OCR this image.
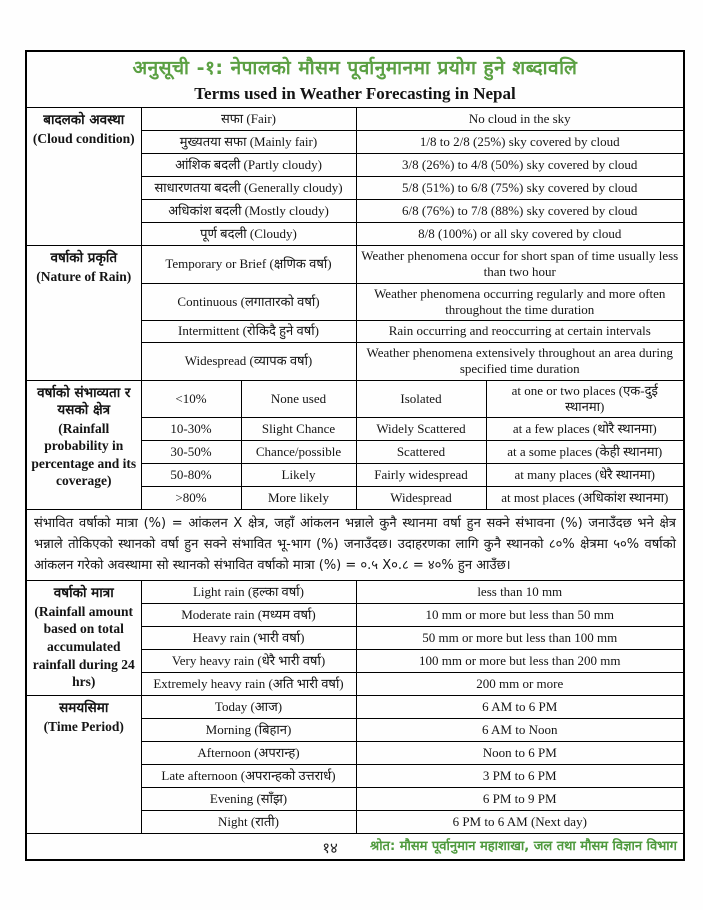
अनुसूची -१: नेपालको मौसम पूर्वानुमानमा प्रयोग हुने शब्दावलि
Terms used in Weather Forecasting in Nepal				

बादलको अवस्था
(Cloud condition)	सफा (Fair)		No cloud in the sky	
	मुख्यतया सफा (Mainly fair)		1/8 to 2/8 (25%) sky covered by cloud	
	आंशिक बदली (Partly cloudy)		3/8 (26%) to 4/8 (50%) sky covered by cloud	
	साधारणतया बदली (Generally cloudy)		5/8 (51%) to 6/8 (75%) sky covered by cloud	
	अधिकांश बदली (Mostly cloudy)		6/8 (76%) to 7/8 (88%) sky covered by cloud	
	पूर्ण बदली (Cloudy)		8/8 (100%) or all sky covered by cloud	

वर्षाको प्रकृति
(Nature of Rain)	Temporary or Brief (क्षणिक वर्षा)		Weather phenomena occur for short span of time usually less than two hour	
	Continuous (लगातारको वर्षा)		Weather phenomena occurring regularly and more often throughout the time duration	
	Intermittent (रोकिदै हुने वर्षा)		Rain occurring and reoccurring at certain intervals	
	Widespread (व्यापक वर्षा)		Weather phenomena extensively throughout an area during specified time duration	

वर्षाको संभाव्यता र यसको क्षेत्र
(Rainfall probability in percentage and its coverage)	<10%	None used	Isolated	at one or two places (एक-दुई स्थानमा)
	10-30%	Slight Chance	Widely Scattered	at a few places (थोरै स्थानमा)
	30-50%	Chance/possible	Scattered	at a some places (केही स्थानमा)
	50-80%	Likely	Fairly widespread	at many places (धेरै स्थानमा)
	>80%	More likely	Widespread	at most places (अधिकांश स्थानमा)
संभावित वर्षाको मात्रा (%) = आंकलन X क्षेत्र, जहाँ आंकलन भन्नाले कुनै स्थानमा वर्षा हुन सक्ने संभावना (%) जनाउँदछ भने क्षेत्र भन्नाले तोकिएको स्थानको वर्षा हुन सक्ने संभावित भू-भाग (%) जनाउँदछ। उदाहरणका लागि कुनै स्थानको ८०% क्षेत्रमा ५०% वर्षाको आंकलन गरेको अवस्थामा सो स्थानको संभावित वर्षाको मात्रा (%) = ०.५ X०.८ = ४०% हुन आउँछ।				

वर्षाको मात्रा
(Rainfall amount based on total accumulated rainfall during 24 hrs)	Light rain (हल्का वर्षा)		less than 10 mm	
	Moderate rain (मध्यम वर्षा)		10 mm or more but less than 50 mm	
	Heavy rain (भारी वर्षा)		50 mm or more but less than 100 mm	
	Very heavy rain (धेरै भारी वर्षा)		100 mm or more but less than 200 mm	
	Extremely heavy rain (अति भारी वर्षा)		200 mm or more	

समयसिमा
(Time Period)	Today (आज)		6 AM to 6 PM	
	Morning (बिहान)		6 AM to Noon	
	Afternoon (अपरान्ह)		Noon to 6 PM	
	Late afternoon (अपरान्हको उत्तरार्ध)		3 PM to 6 PM	
	Evening (साँझ)		6 PM to 9 PM	
	Night (राती)		6 PM to 6 AM (Next day)	
श्रोत: मौसम पूर्वानुमान महाशाखा, जल तथा मौसम विज्ञान विभाग				
१४
